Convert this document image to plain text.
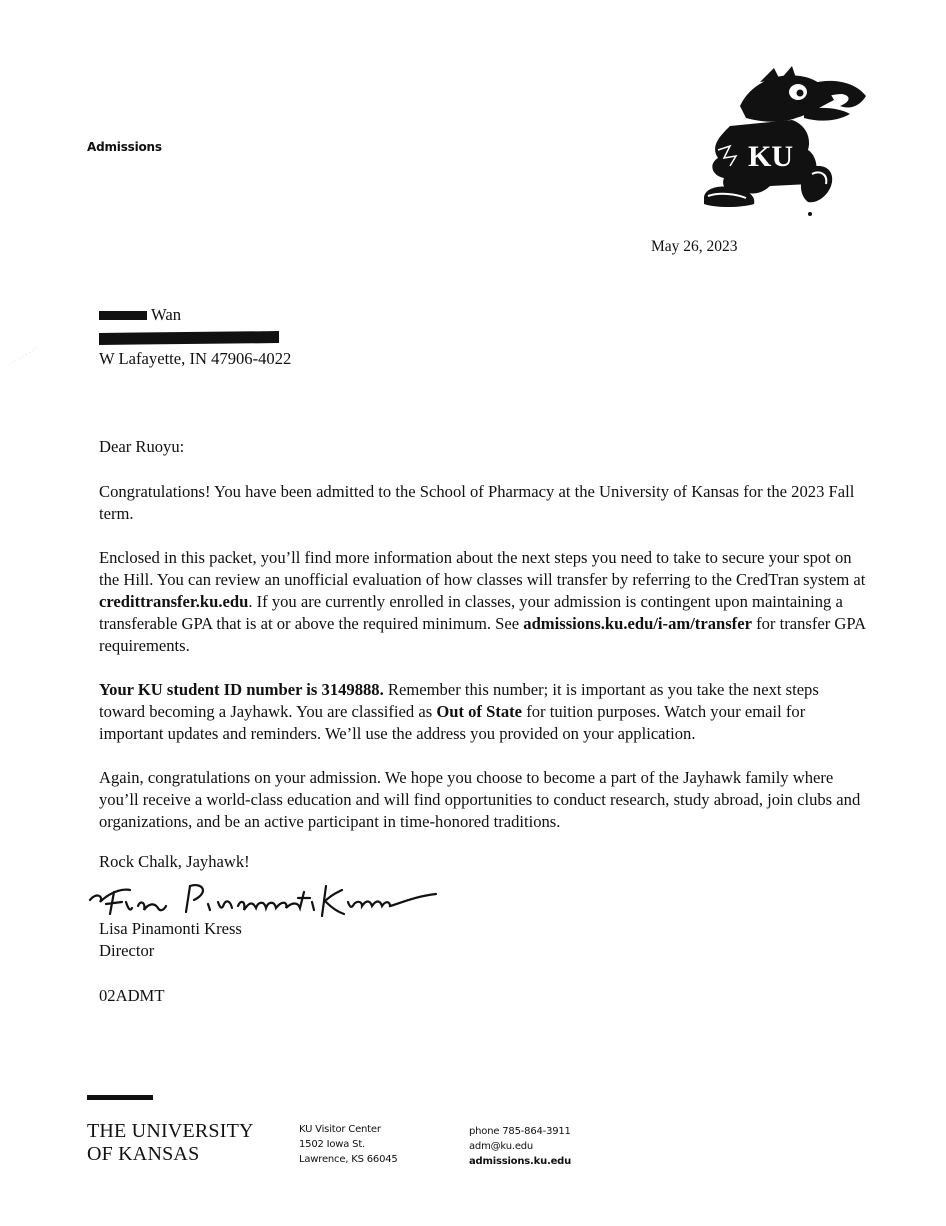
Admissions	KU
May 26, 2023
Wan
W Lafayette, IN 47906-4022
Dear Ruoyu:
Congratulations! You have been admitted to the School of Pharmacy at the University of Kansas for the 2023 Fall term.
Enclosed in this packet, you’ll find more information about the next steps you need to take to secure your spot on the Hill. You can review an unofficial evaluation of how classes will transfer by referring to the CredTran system at credittransfer.ku.edu. If you are currently enrolled in classes, your admission is contingent upon maintaining a transferable GPA that is at or above the required minimum. See admissions.ku.edu/i-am/transfer for transfer GPA requirements.
Your KU student ID number is 3149888. Remember this number; it is important as you take the next steps toward becoming a Jayhawk. You are classified as Out of State for tuition purposes. Watch your email for important updates and reminders. We’ll use the address you provided on your application.
Again, congratulations on your admission. We hope you choose to become a part of the Jayhawk family where you’ll receive a world-class education and will find opportunities to conduct research, study abroad, join clubs and organizations, and be an active participant in time-honored traditions.
Rock Chalk, Jayhawk!
Lisa Pinamonti Kress
Director
02ADMT
THE UNIVERSITY
OF KANSAS
KU Visitor Center
1502 Iowa St.
Lawrence, KS 66045
phone 785-864-3911
adm@ku.edu
admissions.ku.edu
